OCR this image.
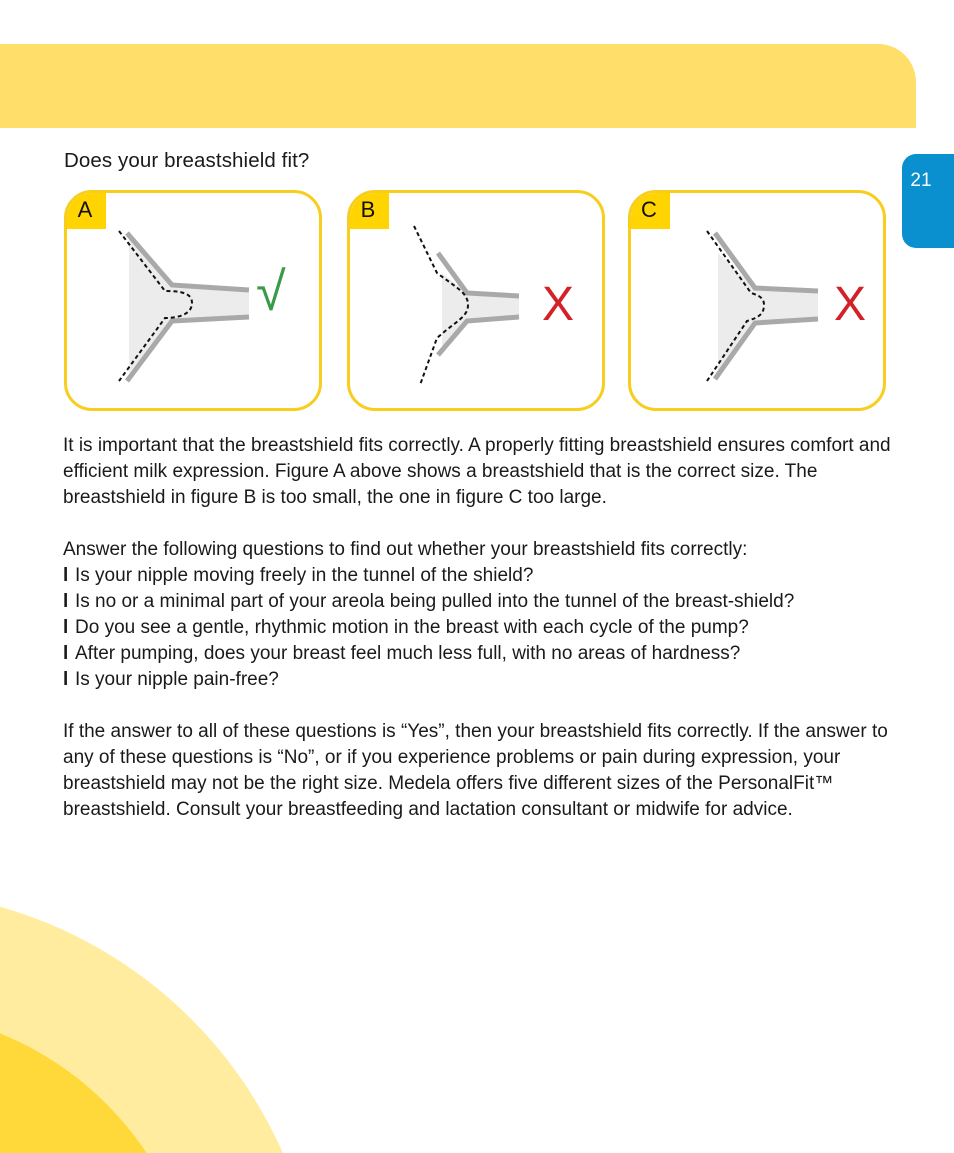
21
Does your breastshield fit?
A
√
B
X
C
X

It is important that the breastshield fits correctly. A properly fitting breastshield ensures comfort and efficient milk expression. Figure A above shows a breastshield that is the correct size. The breastshield in figure B is too small, the one in figure C too large.

Answer the following questions to find out whether your breastshield fits correctly:

l Is your nipple moving freely in the tunnel of the shield?
l Is no or a minimal part of your areola being pulled into the tunnel of the breast-shield?
l Do you see a gentle, rhythmic motion in the breast with each cycle of the pump?
l After pumping, does your breast feel much less full, with no areas of hardness?
l Is your nipple pain-free?

If the answer to all of these questions is “Yes”, then your breastshield fits correctly. If the answer to any of these questions is “No”, or if you experience problems or pain during expression, your breastshield may not be the right size. Medela offers five different sizes of the PersonalFit™ breastshield. Consult your breastfeeding and lactation consultant or midwife for advice.
